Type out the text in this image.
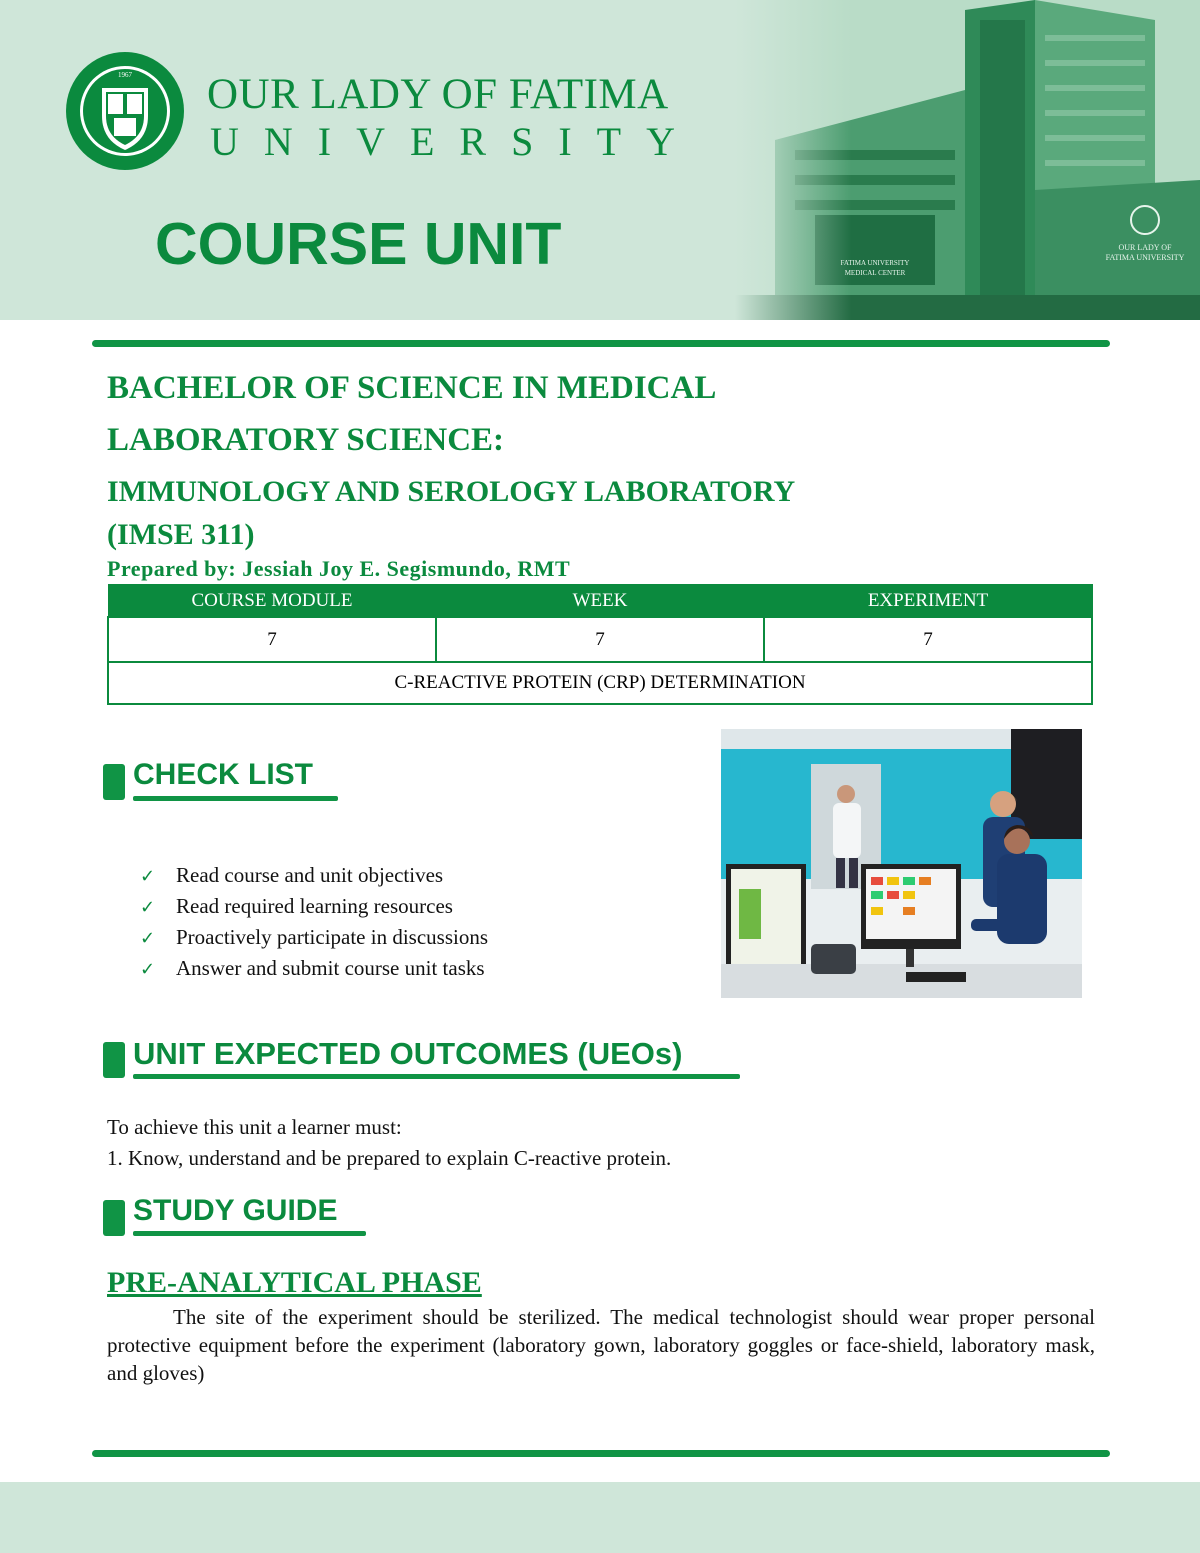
1967 OUR LADY OF FATIMA
UNIVERSITY
COURSE UNIT
BACHELOR OF SCIENCE IN MEDICAL
LABORATORY SCIENCE:
IMMUNOLOGY AND SEROLOGY LABORATORY
(IMSE 311)
Prepared by: Jessiah Joy E. Segismundo, RMT
COURSE MODULE	WEEK	EXPERIMENT
7	7	7
C-REACTIVE PROTEIN (CRP) DETERMINATION		
CHECK LIST
✓ Read course and unit objectives
✓ Read required learning resources
✓ Proactively participate in discussions
✓ Answer and submit course unit tasks
UNIT EXPECTED OUTCOMES (UEOs)
To achieve this unit a learner must:
1. Know, understand and be prepared to explain C-reactive protein.
STUDY GUIDE
PRE-ANALYTICAL PHASE

The site of the experiment should be sterilized. The medical technologist should wear proper personal protective equipment before the experiment (laboratory gown, laboratory goggles or face-shield, laboratory mask, and gloves)
